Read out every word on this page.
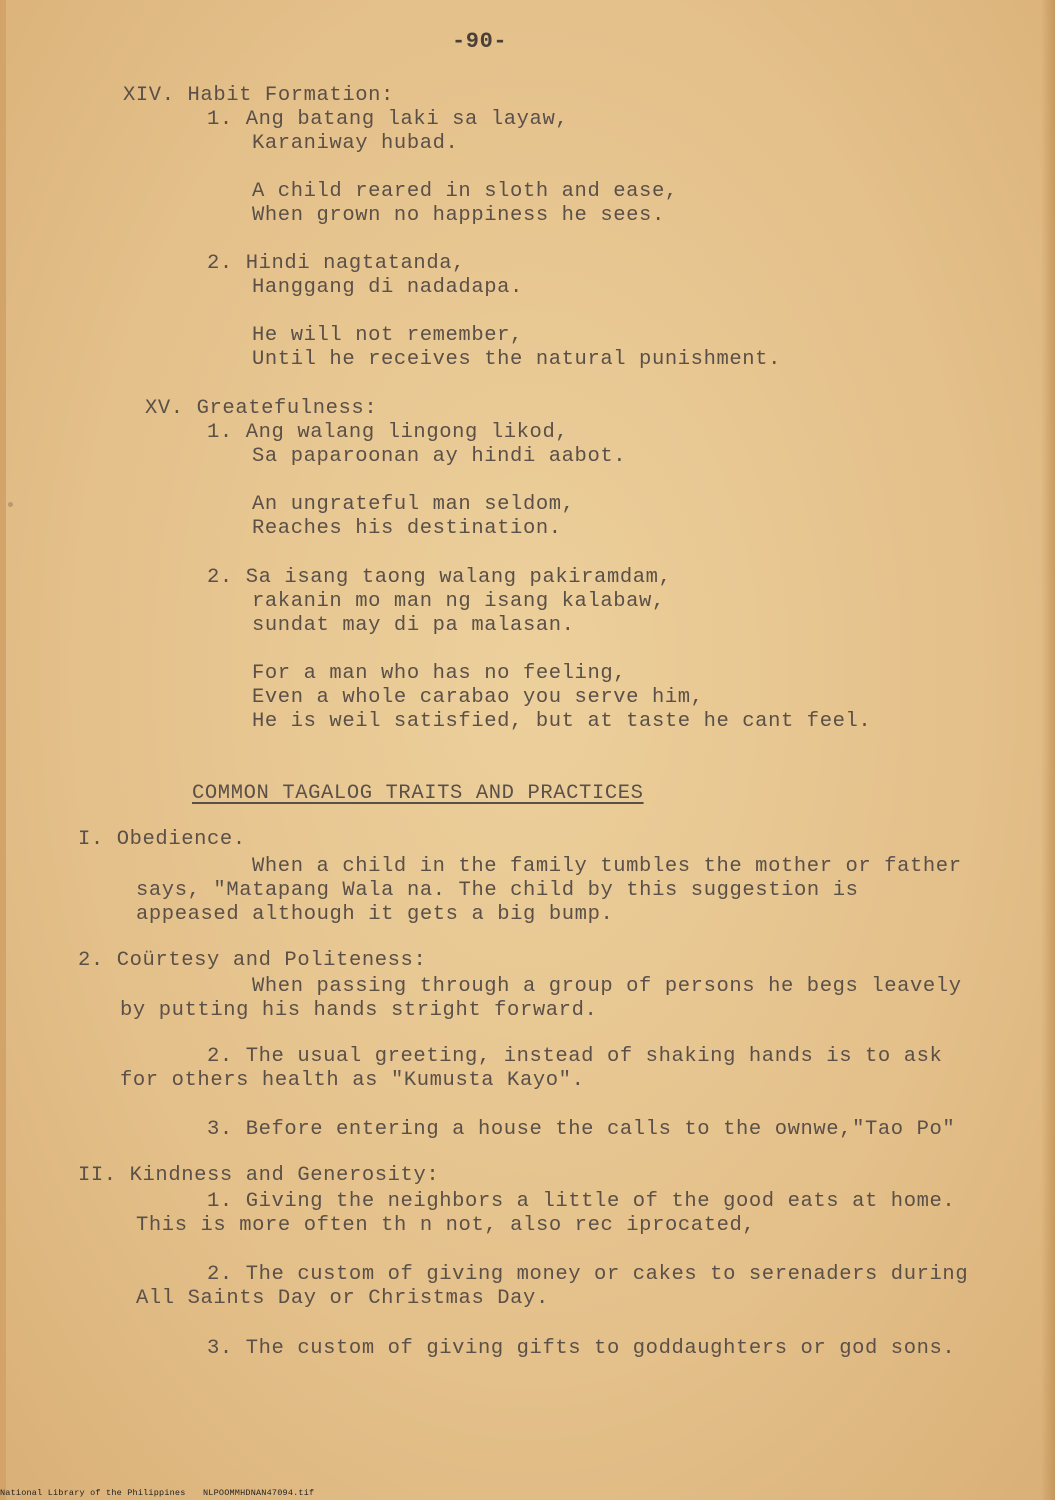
-90-
XIV. Habit Formation:
1. Ang batang laki sa layaw,
Karaniway hubad.
A child reared in sloth and ease,
When grown no happiness he sees.
2. Hindi nagtatanda,
Hanggang di nadadapa.
He will not remember,
Until he receives the natural punishment.
XV. Greatefulness:
1. Ang walang lingong likod,
Sa paparoonan ay hindi aabot.
An ungrateful man seldom,
Reaches his destination.
2. Sa isang taong walang pakiramdam,
rakanin mo man ng isang kalabaw,
sundat may di pa malasan.
For a man who has no feeling,
Even a whole carabao you serve him,
He is weil satisfied, but at taste he cant feel.
COMMON TAGALOG TRAITS AND PRACTICES
I. Obedience.
When a child in the family tumbles the mother or father
says, "Matapang Wala na. The child by this suggestion is
appeased although it gets a big bump.
2. Coürtesy and Politeness:
When passing through a group of persons he begs leavely
by putting his hands stright forward.
2. The usual greeting, instead of shaking hands is to ask
for others health as "Kumusta Kayo".
3. Before entering a house the calls to the ownwe,"Tao Po"
II. Kindness and Generosity:
1. Giving the neighbors a little of the good eats at home.
This is more often th n not, also rec iprocated,
2. The custom of giving money or cakes to serenaders during
All Saints Day or Christmas Day.
3. The custom of giving gifts to goddaughters or god sons.
National Library of the Philippines NLPOOMMHDNAN47094.tif
